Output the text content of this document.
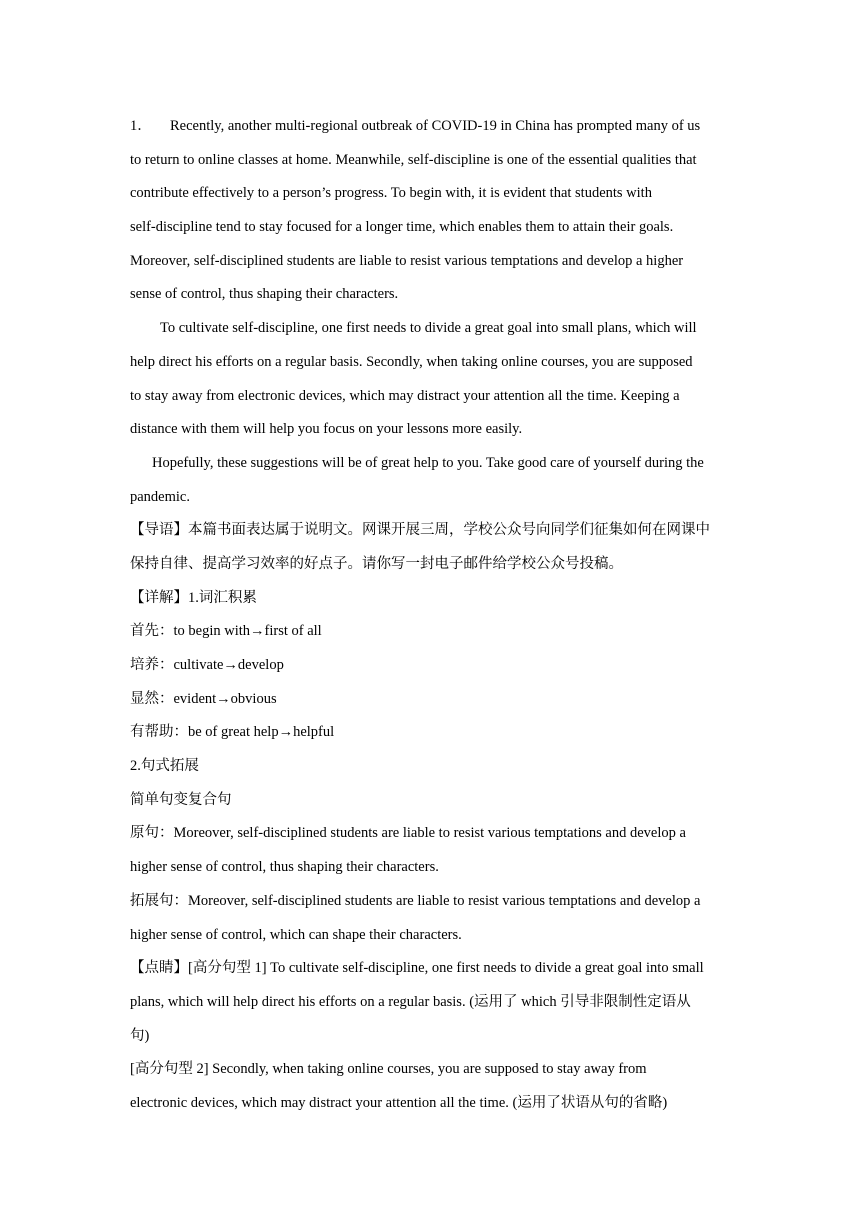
1． Recently, another multi-regional outbreak of COVID-19 in China has prompted many of us
to return to online classes at home. Meanwhile, self-discipline is one of the essential qualities that
contribute effectively to a person’s progress. To begin with, it is evident that students with
self-discipline tend to stay focused for a longer time, which enables them to attain their goals.
Moreover, self-disciplined students are liable to resist various temptations and develop a higher
sense of control, thus shaping their characters.
To cultivate self-discipline, one first needs to divide a great goal into small plans, which will
help direct his efforts on a regular basis. Secondly, when taking online courses, you are supposed
to stay away from electronic devices, which may distract your attention all the time. Keeping a
distance with them will help you focus on your lessons more easily.
Hopefully, these suggestions will be of great help to you. Take good care of yourself during the
pandemic.
【导语】本篇书面表达属于说明文。网课开展三周，学校公众号向同学们征集如何在网课中
保持自律、提高学习效率的好点子。请你写一封电子邮件给学校公众号投稿。
【详解】1.词汇积累
首先：to begin with→first of all
培养：cultivate→develop
显然：evident→obvious
有帮助：be of great help→helpful
2.句式拓展
简单句变复合句
原句：Moreover, self-disciplined students are liable to resist various temptations and develop a
higher sense of control, thus shaping their characters.
拓展句：Moreover, self-disciplined students are liable to resist various temptations and develop a
higher sense of control, which can shape their characters.
【点睛】[高分句型 1] To cultivate self-discipline, one first needs to divide a great goal into small
plans, which will help direct his efforts on a regular basis. (运用了 which 引导非限制性定语从
句)
[高分句型 2] Secondly, when taking online courses, you are supposed to stay away from
electronic devices, which may distract your attention all the time. (运用了状语从句的省略)
